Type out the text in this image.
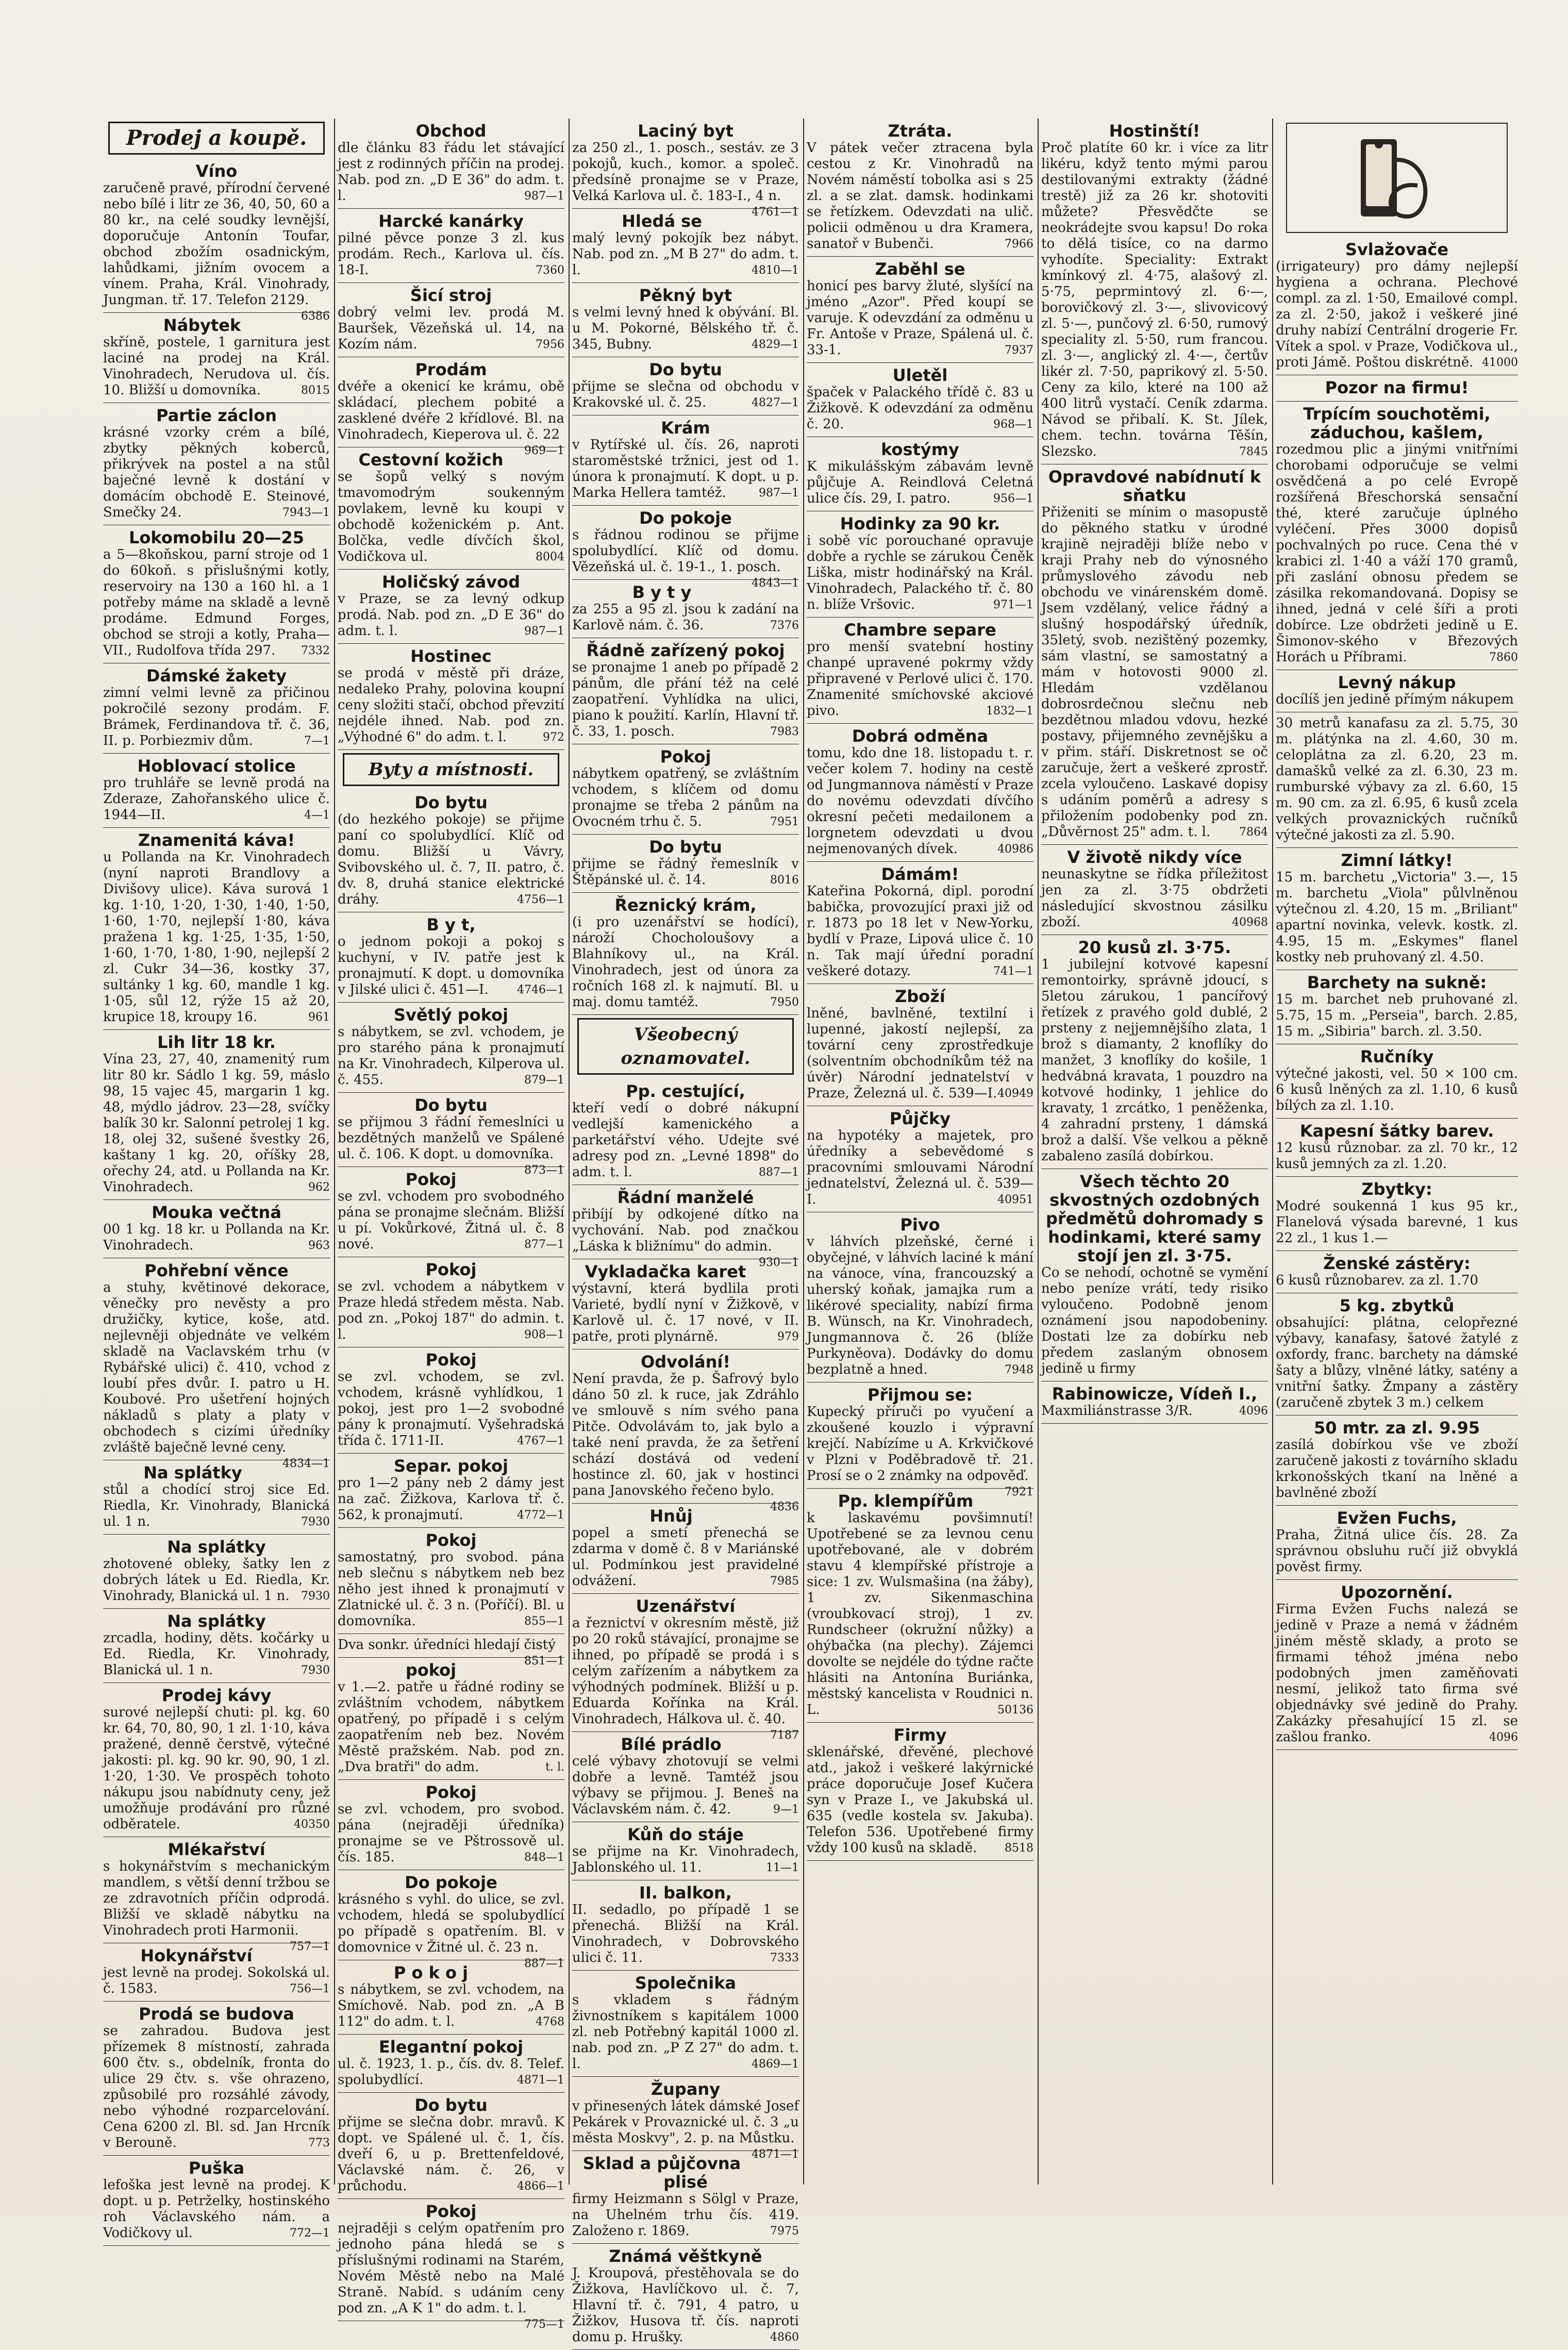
Prodej a koupě.
Víno

zaručeně pravé, přírodní červené nebo bílé i litr ze 36, 40, 50, 60 a 80 kr., na celé soudky levnější, doporučuje Antonín Toufar, obchod zbožím osadnickým, lahůdkami, jižním ovocem a vínem. Praha, Král. Vinohrady, Jungman. tř. 17. Telefon 2129.
6386

Nábytek

skříně, postele, 1 garnitura jest laciné na prodej na Král. Vinohradech, Nerudova ul. čís. 10. Bližší u domovníka.	8015

Partie záclon

krásné vzorky crém a bílé, zbytky pěkných koberců, přikrývek na postel a na stůl baječné levně k dostání v domácím obchodě E. Steinové, Smečky 24.	7943—1

Lokomobilu 20—25

a 5—8koňskou, parní stroje od 1 do 60koň. s přislušnými kotly, reservoiry na 130 a 160 hl. a 1 potřeby máme na skladě a levně prodáme. Edmund Forges, obchod se stroji a kotly, Praha—VII., Rudolfova třída 297. 7332

Dámské žakety

zimní velmi levně za přičinou pokročilé sezony prodám. F. Brámek, Ferdinandova tř. č. 36, II. p. Porbiezmiv dům.	7—1

Hoblovací stolice

pro truhláře se levně prodá na Zderaze, Zahořanského ulice č. 1944—II.	4—1

Znamenitá káva!

u Pollanda na Kr. Vinohradech (nyní naproti Brandlovy a Divišovy ulice). Káva surová 1 kg. 1·10, 1·20, 1·30, 1·40, 1·50, 1·60, 1·70, nejlepší 1·80, káva pražena 1 kg. 1·25, 1·35, 1·50, 1·60, 1·70, 1·80, 1·90, nejlepší 2 zl. Cukr 34—36, kostky 37, sultánky 1 kg. 60, mandle 1 kg. 1·05, sůl 12, rýže 15 až 20, krupice 18, kroupy 16.	961

Lih litr 18 kr.

Vína 23, 27, 40, znamenitý rum litr 80 kr. Sádlo 1 kg. 59, máslo 98, 15 vajec 45, margarin 1 kg. 48, mýdlo jádrov. 23—28, svíčky balík 30 kr. Salonní petrolej 1 kg. 18, olej 32, sušené švestky 26, kaštany 1 kg. 20, oříšky 28, ořechy 24, atd. u Pollanda na Kr. Vinohradech.	962

Mouka večtná

00 1 kg. 18 kr. u Pollanda na Kr. Vinohradech.	963

Pohřební věnce

a stuhy, květinové dekorace, věnečky pro nevěsty a pro družičky, kytice, koše, atd. nejlevněji objednáte ve velkém skladě na Vaclavském trhu (v Rybářské ulici) č. 410, vchod z loubí přes dvůr. I. patro u H. Koubové. Pro ušetření hojných nákladů s platy a platy v obchodech s cizími úředníky zvláště baječně levné ceny.
4834—1

Na splátky

stůl a chodící stroj sice Ed. Riedla, Kr. Vinohrady, Blanická ul. 1 n.	7930

Na splátky

zhotovené obleky, šatky len z dobrých látek u Ed. Riedla, Kr. Vinohrady, Blanická ul. 1 n. 7930

Na splátky

zrcadla, hodiny, děts. kočárky u Ed. Riedla, Kr. Vinohrady, Blanická ul. 1 n.	7930

Prodej kávy

surové nejlepší chuti: pl. kg. 60 kr. 64, 70, 80, 90, 1 zl. 1·10, káva pražené, denně čerstvě, výtečné jakosti: pl. kg. 90 kr. 90, 90, 1 zl. 1·20, 1·30. Ve prospěch tohoto nákupu jsou nabídnuty ceny, jež umožňuje prodávání pro různé odběratele.	40350

Mlékařství

s hokynářstvím s mechanickým mandlem, s větší denní tržbou se ze zdravotních příčin odprodá. Bližší ve skladě nábytku na Vinohradech proti Harmonii.
757—1

Hokynářství

jest levně na prodej. Sokolská ul. č. 1583.	756—1

Prodá se budova

se zahradou. Budova jest přízemek 8 místností, zahrada 600 čtv. s., obdelník, fronta do ulice 29 čtv. s. vše ohrazeno, způsobilé pro rozsáhlé závody, nebo výhodné rozparcelování. Cena 6200 zl. Bl. sd. Jan Hrcník v Berouně.	773

Puška

lefoška jest levně na prodej. K dopt. u p. Petrželky, hostinského roh Václavského nám. a Vodičkovy ul.	772—1

Obchod

dle článku 83 řádu let stávající jest z rodinných příčin na prodej. Nab. pod zn. „D E 36" do adm. t. l.	987—1

Harcké kanárky

pilné pěvce ponze 3 zl. kus prodám. Rech., Karlova ul. čís. 18-I.	7360

Šicí stroj

dobrý velmi lev. prodá M. Bauršek, Vězeňská ul. 14, na Kozím nám.	7956

Prodám

dvéře a okenicí ke krámu, obě skládací, plechem pobité a zasklené dvéře 2 křídlové. Bl. na Vinohradech, Kieperova ul. č. 22
969—1

Cestovní kožich

se šopů velký s novým tmavomodrým soukenným povlakem, levně ku koupi v obchodě koženickém p. Ant. Bolčka, vedle dívčích škol, Vodičkova ul.	8004

Holičský závod

v Praze, se za levný odkup prodá. Nab. pod zn. „D E 36" do adm. t. l.	987—1

Hostinec

se prodá v městě při dráze, nedaleko Prahy, polovina koupní ceny složiti stačí, obchod převzití nejdéle ihned. Nab. pod zn. „Výhodné 6" do adm. t. l.	972

Byty a místnosti.
Do bytu

(do hezkého pokoje) se přijme paní co spolubydlící. Klíč od domu. Bližší u Vávry, Svibovského ul. č. 7, II. patro, č. dv. 8, druhá stanice elektrické dráhy.	4756—1

B y t,

o jednom pokoji a pokoj s kuchyní, v IV. patře jest k pronajmutí. K dopt. u domovníka v Jilské ulici č. 451—I.	4746—1

Světlý pokoj

s nábytkem, se zvl. vchodem, je pro starého pána k pronajmutí na Kr. Vinohradech, Kilperova ul. č. 455.	879—1

Do bytu

se přijmou 3 řádní řemeslníci u bezdětných manželů ve Spálené ul. č. 106. K dopt. u domovníka.
873—1

Pokoj

se zvl. vchodem pro svobodného pána se pronajme slečnám. Bližší u pí. Vokůrkové, Žitná ul. č. 8 nové.	877—1

Pokoj

se zvl. vchodem a nábytkem v Praze hledá středem města. Nab. pod zn. „Pokoj 187" do admin. t. l.	908—1

Pokoj

se zvl. vchodem, se zvl. vchodem, krásně vyhlídkou, 1 pokoj, jest pro 1—2 svobodné pány k pronajmutí. Vyšehradská třída č. 1711-II.	4767—1

Separ. pokoj

pro 1—2 pány neb 2 dámy jest na zač. Žižkova, Karlova tř. č. 562, k pronajmutí.	4772—1

Pokoj

samostatný, pro svobod. pána neb slečnu s nábytkem neb bez něho jest ihned k pronajmutí v Zlatnické ul. č. 3 n. (Poříčí). Bl. u domovníka.	855—1

Dva sonkr. úředníci hledají čistý
851—1

pokoj

v 1.—2. patře u řádné rodiny se zvláštním vchodem, nábytkem opatřený, po případě i s celým zaopatřením neb bez. Novém Městě pražském. Nab. pod zn. „Dva bratři" do adm.	t. l.

Pokoj

se zvl. vchodem, pro svobod. pána (nejraději úředníka) pronajme se ve Pštrossově ul. čís. 185.	848—1

Do pokoje

krásného s vyhl. do ulice, se zvl. vchodem, hledá se spolubydlící po případě s opatřením. Bl. v domovnice v Žitné ul. č. 23 n.
887—1

P o k o j

s nábytkem, se zvl. vchodem, na Smíchově. Nab. pod zn. „A B 112" do adm. t. l.	4768

Elegantní pokoj

ul. č. 1923, 1. p., čís. dv. 8. Telef. spolubydlící.	4871—1

Do bytu

přijme se slečna dobr. mravů. K dopt. ve Spálené ul. č. 1, čís. dveří 6, u p. Brettenfeldové, Václavské nám. č. 26, v průchodu.	4866—1

Pokoj

nejraději s celým opatřením pro jednoho pána hledá se s příslušnými rodinami na Starém, Novém Městě nebo na Malé Straně. Nabíd. s udáním ceny pod zn. „A K 1" do adm. t. l.
775—1

Laciný byt

za 250 zl., 1. posch., sestáv. ze 3 pokojů, kuch., komor. a společ. předsíně pronajme se v Praze, Velká Karlova ul. č. 183-I., 4 n.
4761—1

Hledá se

malý levný pokojík bez nábyt. Nab. pod zn. „M B 27" do adm. t. l.	4810—1

Pěkný byt

s velmi levný hned k obývání. Bl. u M. Pokorné, Bělského tř. č. 345, Bubny.	4829—1

Do bytu

přijme se slečna od obchodu v Krakovské ul. č. 25.	4827—1

Krám

v Rytířské ul. čís. 26, naproti staroměstské tržnici, jest od 1. února k pronajmutí. K dopt. u p. Marka Hellera tamtéž.	987—1

Do pokoje

s řádnou rodinou se přijme spolubydlící. Klíč od domu. Vězeňská ul. č. 19-1., 1. posch.
4843—1

B y t y

za 255 a 95 zl. jsou k zadání na Karlově nám. č. 36.	7376

Řádně zařízený pokoj

se pronajme 1 aneb po případě 2 pánům, dle přání též na celé zaopatření. Vyhlídka na ulici, piano k použití. Karlín, Hlavní tř. č. 33, 1. posch.	7983

Pokoj

nábytkem opatřený, se zvláštním vchodem, s klíčem od domu pronajme se třeba 2 pánům na Ovocném trhu č. 5.	7951

Do bytu

přijme se řádný řemeslník v Štěpánské ul. č. 14.	8016

Řeznický krám,

(i pro uzenářství se hodící), nároží Chocholoušovy a Blahníkovy ul., na Král. Vinohradech, jest od února za ročních 168 zl. k najmutí. Bl. u maj. domu tamtéž.	7950

Všeobecný oznamovatel.
Pp. cestující,

kteří vedí o dobré nákupní vedlejší kamenického a parketářství vého. Udejte své adresy pod zn. „Levné 1898" do adm. t. l.	887—1

Řádní manželé

přibíjí by odkojené dítko na vychování. Nab. pod značkou „Láska k bližnímu" do admin.
930—1

Vykladačka karet

výstavní, která bydlila proti Varieté, bydlí nyní v Žižkově, v Karlově ul. č. 17 nové, v II. patře, proti plynárně.	979

Odvolání!

Není pravda, že p. Šafrový bylo dáno 50 zl. k ruce, jak Zdráhlo ve smlouvě s ním svého pana Pitče. Odvolávám to, jak bylo a také není pravda, že za šetření schází dostává od vedení hostince zl. 60, jak v hostinci pana Janovského řečeno bylo.
4836

Hnůj

popel a smetí přenechá se zdarma v domě č. 8 v Mariánské ul. Podmínkou jest pravidelné odvážení.	7985

Uzenářství

a řeznictví v okresním městě, již po 20 roků stávající, pronajme se ihned, po případě se prodá i s celým zařízením a nábytkem za výhodných podmínek. Bližší u p. Eduarda Kořínka na Král. Vinohradech, Hálkova ul. č. 40.
7187

Bílé prádlo

celé výbavy zhotovují se velmi dobře a levně. Tamtéž jsou výbavy se přijmou. J. Beneš na Václavském nám. č. 42.	9—1

Kůň do stáje

se přijme na Kr. Vinohradech, Jablonského ul. 11.	11—1

II. balkon,

II. sedadlo, po případě 1 se přenechá. Bližší na Král. Vinohradech, v Dobrovského ulici č. 11.	7333

Společnika

s vkladem s řádným živnostníkem s kapitálem 1000 zl. neb Potřebný kapitál 1000 zl. nab. pod zn. „P Z 27" do adm. t. l.	4869—1

Župany

v přinesených látek dámské Josef Pekárek v Provaznické ul. č. 3 „u města Moskvy", 2. p. na Můstku.
4871—1

Sklad a půjčovna plisé

firmy Heizmann s Sölgl v Praze, na Uhelném trhu čís. 419. Založeno r. 1869.	7975

Známá věštkyně

J. Kroupová, přestěhovala se do Žižkova, Havlíčkovo ul. č. 7, Hlavní tř. č. 791, 4 patro, u Žižkov, Husova tř. čís. naproti domu p. Hrušky.	4860

Ztráta.

V pátek večer ztracena byla cestou z Kr. Vinohradů na Novém náměstí tobolka asi s 25 zl. a se zlat. damsk. hodinkami se řetízkem. Odevzdati na ulič. policii odměnou u dra Kramera, sanatoř v Bubenči.	7966

Zaběhl se

honicí pes barvy žluté, slyšící na jméno „Azor". Před koupí se varuje. K odevzdání za odměnu u Fr. Antoše v Praze, Spálená ul. č. 33-1.	7937

Uletěl

špaček v Palackého třídě č. 83 u Žižkově. K odevzdání za odměnu č. 20.	968—1

kostýmy

K mikulášským zábavám levně půjčuje A. Reindlová Celetná ulice čís. 29, I. patro.	956—1

Hodinky za 90 kr.

i sobě víc porouchané opravuje dobře a rychle se zárukou Čeněk Liška, mistr hodinářský na Král. Vinohradech, Palackého tř. č. 80 n. blíže Vršovic.	971—1

Chambre separe

pro menší svatební hostiny chanpé upravené pokrmy vždy připravené v Perlové ulici č. 170. Znamenité smíchovské akciové pivo.	1832—1

Dobrá odměna

tomu, kdo dne 18. listopadu t. r. večer kolem 7. hodiny na cestě od Jungmannova náměstí v Praze do novému odevzdati dívčího okresní pečeti medailonem a lorgnetem odevzdati u dvou nejmenovaných dívek.	40986

Dámám!

Kateřina Pokorná, dipl. porodní babička, provozující praxi již od r. 1873 po 18 let v New-Yorku, bydlí v Praze, Lipová ulice č. 10 n. Tak mají úřední poradní veškeré dotazy.	741—1

Zboží

lněné, bavlněné, textilní i lupenné, jakostí nejlepší, za tovární ceny zprostředkuje (solventním obchodníkům též na úvěr) Národní jednatelství v Praze, Železná ul. č. 539—I. 40949

Půjčky

na hypotéky a majetek, pro úředníky a sebevědomé s pracovními smlouvami Národní jednatelství, Železná ul. č. 539—I.	40951

Pivo

v láhvích plzeňské, černé i obyčejné, v láhvích laciné k mání na vánoce, vína, francouzský a uherský koňak, jamajka rum a likérové speciality, nabízí firma B. Wünsch, na Kr. Vinohradech, Jungmannova č. 26 (blíže Purkyněova). Dodávky do domu bezplatně a hned.	7948

Přijmou se:

Kupecký příruči po vyučení a zkoušené kouzlo i výpravní krejčí. Nabízíme u A. Krkvičkové v Plzni v Poděbradově tř. 21. Prosí se o 2 známky na odpověď.
7921

Pp. klempířům

k laskavému povšimnutí! Upotřebené se za levnou cenu upotřebované, ale v dobrém stavu 4 klempířské přístroje a sice: 1 zv. Wulsmašina (na žáby), 1 zv. Sikenmaschina (vroubkovací stroj), 1 zv. Rundscheer (okružní nůžky) a ohýbačka (na plechy). Zájemci dovolte se nejdéle do týdne račte hlásiti na Antonína Buriánka, městský kancelista v Roudnici n. L.	50136

Firmy

sklenářské, dřevěné, plechové atd., jakož i veškeré lakýrnické práce doporučuje Josef Kučera syn v Praze I., ve Jakubská ul. 635 (vedle kostela sv. Jakuba). Telefon 536. Upotřebené firmy vždy 100 kusů na skladě. 8518

Hostinští!

Proč platíte 60 kr. i více za litr likéru, když tento mými parou destilovanými extrakty (žádné trestě) již za 26 kr. shotoviti můžete? Přesvědčte se neokrádejte svou kapsu! Do roka to dělá tisíce, co na darmo vyhodíte. Speciality: Extrakt kmínkový zl. 4·75, alašový zl. 5·75, peprmintový zl. 6·—, borovičkový zl. 3·—, slivovicový zl. 5·—, punčový zl. 6·50, rumový speciality zl. 5·50, rum francou. zl. 3·—, anglický zl. 4·—, čertův likér zl. 7·50, paprikový zl. 5·50. Ceny za kilo, které na 100 až 400 litrů vystačí. Ceník zdarma. Návod se přibalí. K. St. Jílek, chem. techn. továrna Těšín, Slezsko.	7845

Opravdové nabídnutí k sňatku

Přiženiti se mínim o masopustě do pěkného statku v úrodné krajině nejraději blíže nebo v kraji Prahy neb do výnosného průmyslového závodu neb obchodu ve vinárenském domě. Jsem vzdělaný, velice řádný a slušný hospodářský úředník, 35letý, svob. nezištěný pozemky, sám vlastní, se samostatný a mám v hotovosti 9000 zl. Hledám vzdělanou dobrosrdečnou slečnu neb bezdětnou mladou vdovu, hezké postavy, přijemného zevnějšku a v přim. stáří. Diskretnost se oč zaručuje, žert a veškeré zprostř. zcela vyloučeno. Laskavé dopisy s udáním poměrů a adresy s přiložením podobenky pod zn. „Důvěrnost 25" adm. t. l.	7864

V životě nikdy více

neunaskytne se řídka příležitost jen za zl. 3·75 obdržeti následující skvostnou zásilku zboží.	40968

20 kusů zl. 3·75.

1 jubilejní kotvové kapesní remontoirky, správně jdoucí, s 5letou zárukou, 1 pancířový řetízek z pravého gold dublé, 2 prsteny z nejjemnějšího zlata, 1 brož s diamanty, 2 knoflíky do manžet, 3 knoflíky do košile, 1 hedvábná kravata, 1 pouzdro na kotvové hodinky, 1 jehlice do kravaty, 1 zrcátko, 1 peněženka, 4 zahradní prsteny, 1 dámská brož a další. Vše velkou a pěkně zabaleno zasílá dobírkou.

Všech těchto 20 skvostných ozdobných předmětů dohromady s hodinkami, které samy stojí jen zl. 3·75.

Co se nehodí, ochotně se vymění nebo peníze vrátí, tedy risiko vyloučeno. Podobně jenom oznámení jsou napodobeniny. Dostati lze za dobírku neb předem zaslaným obnosem jedině u firmy

Rabinowicze, Vídeň I.,

Maxmiliánstrasse 3/R.	4096

Svlažovače

(irrigateury) pro dámy nejlepší hygiena a ochrana. Plechové compl. za zl. 1·50, Emailové compl. za zl. 2·50, jakož i veškeré jiné druhy nabízí Centrální drogerie Fr. Vítek a spol. v Praze, Vodičkova ul., proti Jámě. Poštou diskrétně. 41000

Pozor na firmu!

Trpícím souchotěmi, záduchou, kašlem,

rozedmou plic a jinými vnitřními chorobami odporučuje se velmi osvědčená a po celé Evropě rozšířená Břeschorská sensační thé, které zaručuje úplného vyléčení. Přes 3000 dopisů pochvalných po ruce. Cena thé v krabici zl. 1·40 a váží 170 gramů, při zaslání obnosu předem se zásilka rekomandovaná. Dopisy se ihned, jedná v celé šíři a proti dobírce. Lze obdržeti jedině u E. Šimonov-ského v Březových Horách u Příbrami.	7860

Levný nákup

docílíš jen jedině přímým nákupem

30 metrů kanafasu za zl. 5.75, 30 m. plátýnka na zl. 4.60, 30 m. celoplátna za zl. 6.20, 23 m. damašků velké za zl. 6.30, 23 m. rumburské výbavy za zl. 6.60, 15 m. 90 cm. za zl. 6.95, 6 kusů zcela velkých provaznických ručníků výtečné jakosti za zl. 5.90.

Zimní látky!

15 m. barchetu „Victoria" 3.—, 15 m. barchetu „Viola" půlvlněnou výtečnou zl. 4.20, 15 m. „Briliant" apartní novinka, velevk. kostk. zl. 4.95, 15 m. „Eskymes" flanel kostky neb pruhovaný zl. 4.50.

Barchety na sukně:

15 m. barchet neb pruhované zl. 5.75, 15 m. „Perseia", barch. 2.85, 15 m. „Sibiria" barch. zl. 3.50.

Ručníky

výtečné jakosti, vel. 50 × 100 cm. 6 kusů lněných za zl. 1.10, 6 kusů bílých za zl. 1.10.

Kapesní šátky barev.

12 kusů různobar. za zl. 70 kr., 12 kusů jemných za zl. 1.20.

Zbytky:

Modré soukenná 1 kus 95 kr., Flanelová výsada barevné, 1 kus 22 zl., 1 kus 1.—

Ženské zástěry:

6 kusů různobarev. za zl. 1.70

5 kg. zbytků

obsahující: plátna, celopřezné výbavy, kanafasy, šatové žatylé z oxfordy, franc. barchety na dámské šaty a blůzy, vlněné látky, satény a vnitřní šatky. Žmpany a zástěry (zaručeně zbytek 3 m.) celkem

50 mtr. za zl. 9.95

zasílá dobírkou vše ve zboží zaručeně jakosti z továrního skladu krkonošských tkaní na lněné a bavlněné zboží

Evžen Fuchs,

Praha, Žitná ulice čís. 28. Za správnou obsluhu ručí již obvyklá pověst firmy.

Upozornění.

Firma Evžen Fuchs nalezá se jedině v Praze a nemá v žádném jiném městě sklady, a proto se firmami téhož jména nebo podobných jmen zaměňovati nesmí, jelikož tato firma své objednávky své jedině do Prahy. Zakázky přesahující 15 zl. se zašlou franko.	4096
